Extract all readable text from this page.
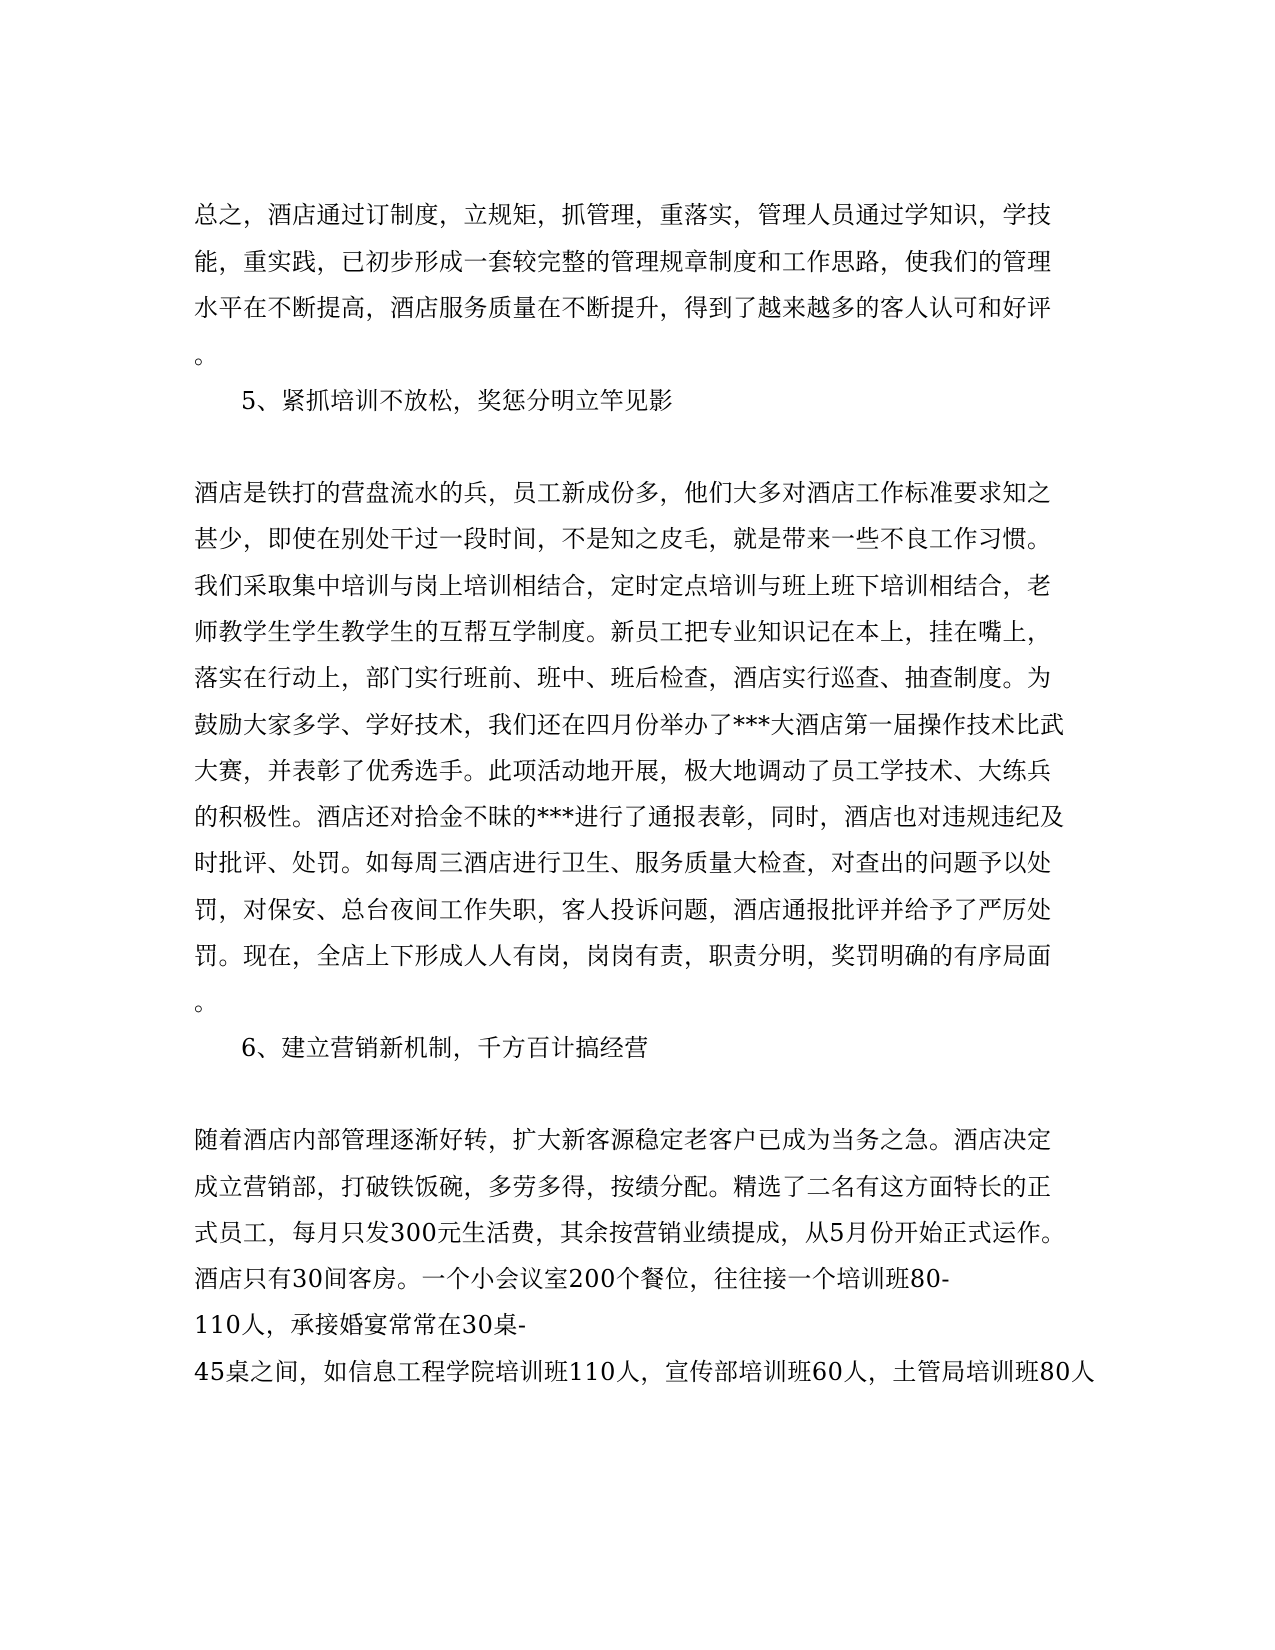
总之，酒店通过订制度，立规矩，抓管理，重落实，管理人员通过学知识，学技
能，重实践，已初步形成一套较完整的管理规章制度和工作思路，使我们的管理
水平在不断提高，酒店服务质量在不断提升，得到了越来越多的客人认可和好评
。
5、紧抓培训不放松，奖惩分明立竿见影
酒店是铁打的营盘流水的兵，员工新成份多，他们大多对酒店工作标准要求知之
甚少，即使在别处干过一段时间，不是知之皮毛，就是带来一些不良工作习惯。
我们采取集中培训与岗上培训相结合，定时定点培训与班上班下培训相结合，老
师教学生学生教学生的互帮互学制度。新员工把专业知识记在本上，挂在嘴上，
落实在行动上，部门实行班前、班中、班后检查，酒店实行巡查、抽查制度。为
鼓励大家多学、学好技术，我们还在四月份举办了***大酒店第一届操作技术比武
大赛，并表彰了优秀选手。此项活动地开展，极大地调动了员工学技术、大练兵
的积极性。酒店还对拾金不昧的***进行了通报表彰，同时，酒店也对违规违纪及
时批评、处罚。如每周三酒店进行卫生、服务质量大检查，对查出的问题予以处
罚，对保安、总台夜间工作失职，客人投诉问题，酒店通报批评并给予了严厉处
罚。现在，全店上下形成人人有岗，岗岗有责，职责分明，奖罚明确的有序局面
。
6、建立营销新机制，千方百计搞经营
随着酒店内部管理逐渐好转，扩大新客源稳定老客户已成为当务之急。酒店决定
成立营销部，打破铁饭碗，多劳多得，按绩分配。精选了二名有这方面特长的正
式员工，每月只发300元生活费，其余按营销业绩提成，从5月份开始正式运作。
酒店只有30间客房。一个小会议室200个餐位，往往接一个培训班80-
110人，承接婚宴常常在30桌-
45桌之间，如信息工程学院培训班110人，宣传部培训班60人，土管局培训班80人
